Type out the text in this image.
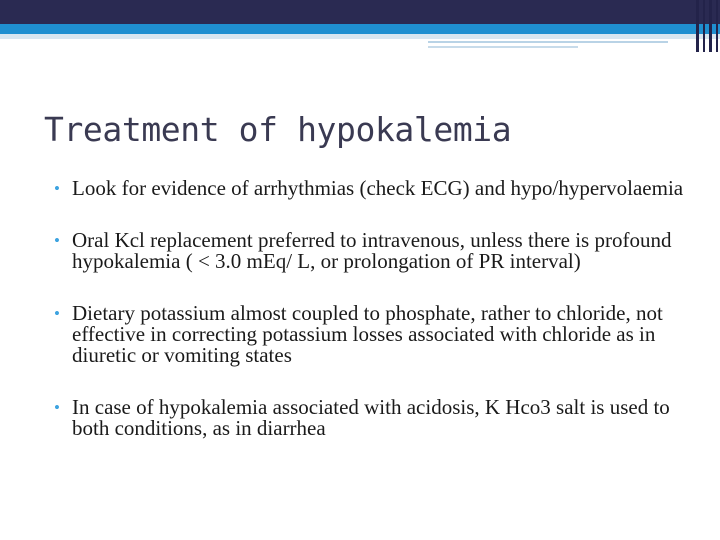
Treatment of hypokalemia
• Look for evidence of arrhythmias (check ECG) and hypo/hypervolaemia
• Oral Kcl replacement preferred to intravenous, unless there is profound hypokalemia ( < 3.0 mEq/ L, or prolongation of PR interval)
• Dietary potassium almost coupled to phosphate, rather to chloride, not effective in correcting potassium losses associated with chloride as in diuretic or vomiting states
• In case of hypokalemia associated with acidosis, K Hco3 salt is used to both conditions, as in diarrhea
